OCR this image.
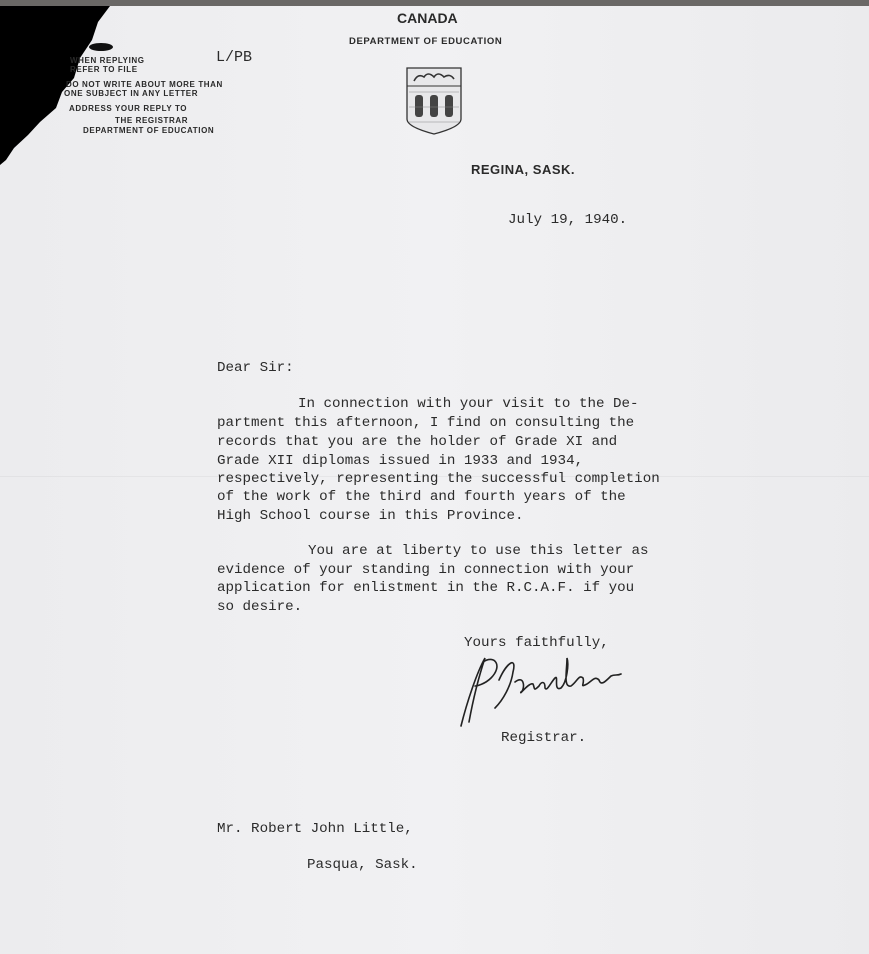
WHEN REPLYING
REFER TO FILE
DO NOT WRITE ABOUT MORE THAN
ONE SUBJECT IN ANY LETTER
ADDRESS YOUR REPLY TO
THE REGISTRAR
DEPARTMENT OF EDUCATION
L/PB
CANADA
DEPARTMENT OF EDUCATION
REGINA, SASK.
July 19, 1940.
Dear Sir:
In connection with your visit to the De-
partment this afternoon, I find on consulting the
records that you are the holder of Grade XI and
Grade XII diplomas issued in 1933 and 1934,
respectively, representing the successful completion
of the work of the third and fourth years of the
High School course in this Province.
You are at liberty to use this letter as
evidence of your standing in connection with your
application for enlistment in the R.C.A.F. if you
so desire.
Yours faithfully,
Registrar.
Mr. Robert John Little,
Pasqua, Sask.
